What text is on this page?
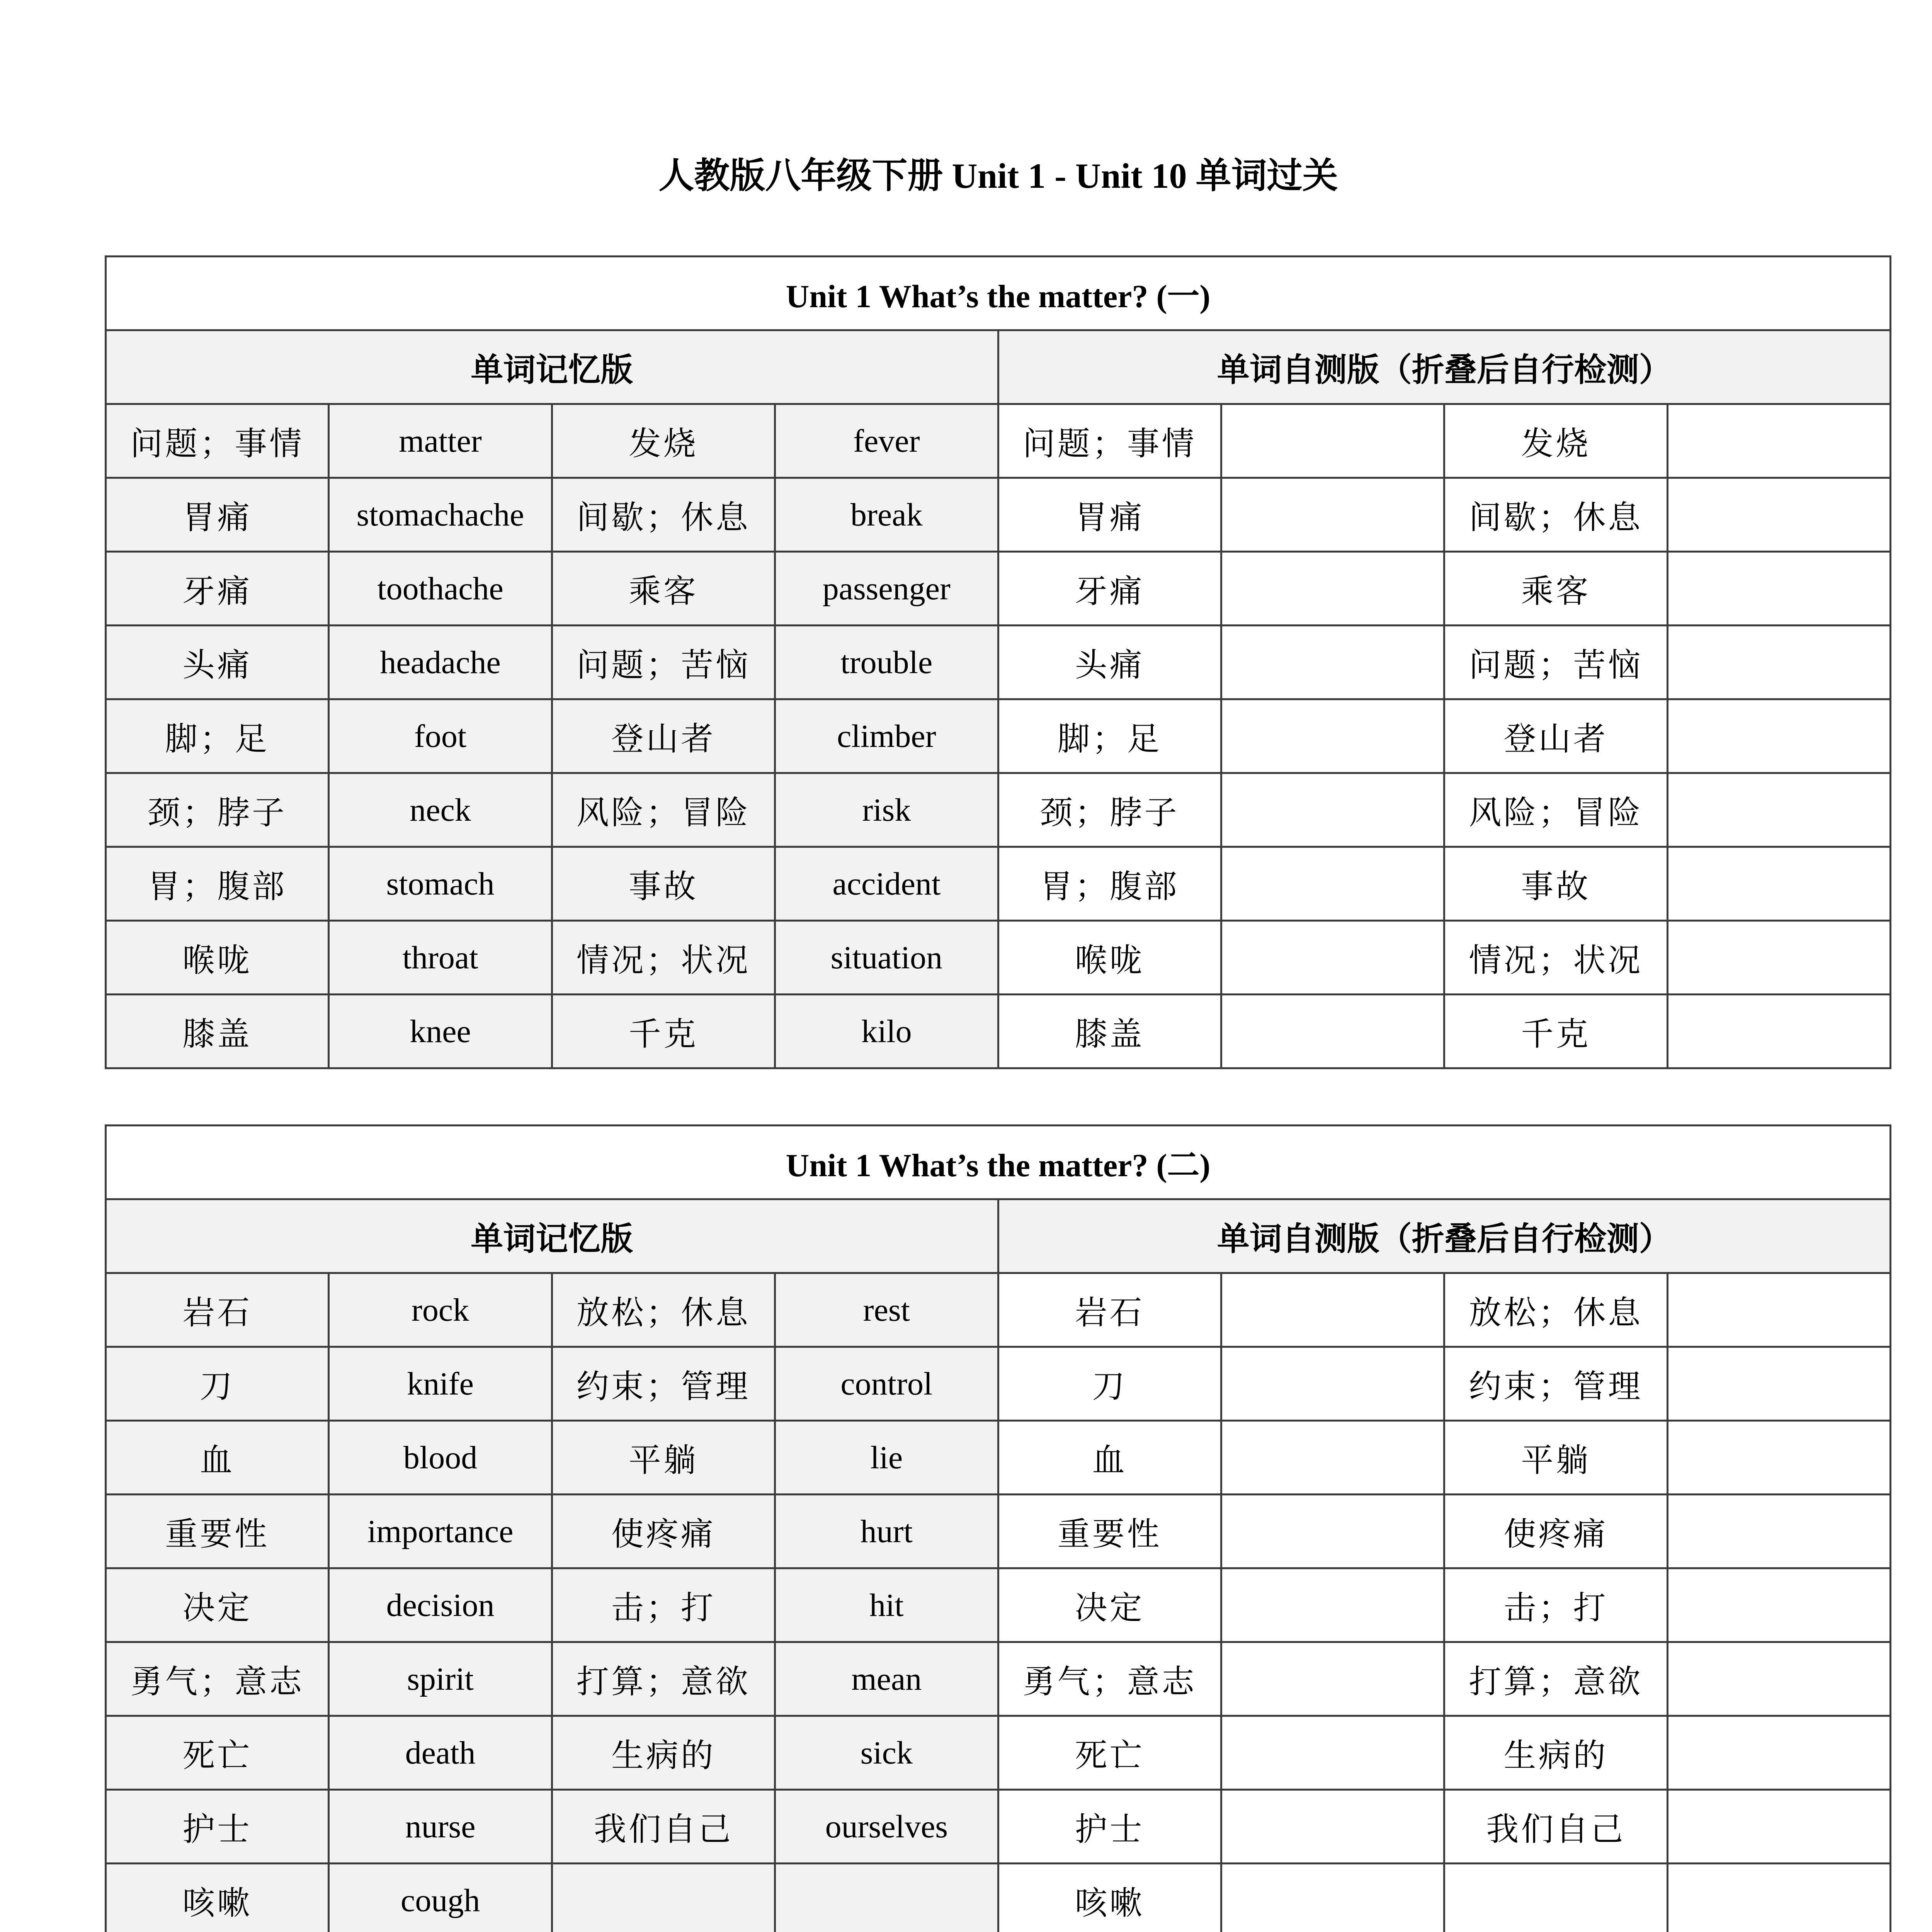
人教版八年级下册 Unit 1 - Unit 10 单词过关
Unit 1 What’s the matter? (一)							
单词记忆版				单词自测版（折叠后自行检测）			
问题；事情	matter	发烧	fever	问题；事情		发烧	
胃痛	stomachache	间歇；休息	break	胃痛		间歇；休息	
牙痛	toothache	乘客	passenger	牙痛		乘客	
头痛	headache	问题；苦恼	trouble	头痛		问题；苦恼	
脚；足	foot	登山者	climber	脚；足		登山者	
颈；脖子	neck	风险；冒险	risk	颈；脖子		风险；冒险	
胃；腹部	stomach	事故	accident	胃；腹部		事故	
喉咙	throat	情况；状况	situation	喉咙		情况；状况	
膝盖	knee	千克	kilo	膝盖		千克	
Unit 1 What’s the matter? (二)							
单词记忆版				单词自测版（折叠后自行检测）			
岩石	rock	放松；休息	rest	岩石		放松；休息	
刀	knife	约束；管理	control	刀		约束；管理	
血	blood	平躺	lie	血		平躺	
重要性	importance	使疼痛	hurt	重要性		使疼痛	
决定	decision	击；打	hit	决定		击；打	
勇气；意志	spirit	打算；意欲	mean	勇气；意志		打算；意欲	
死亡	death	生病的	sick	死亡		生病的	
护士	nurse	我们自己	ourselves	护士		我们自己	
咳嗽	cough			咳嗽			
